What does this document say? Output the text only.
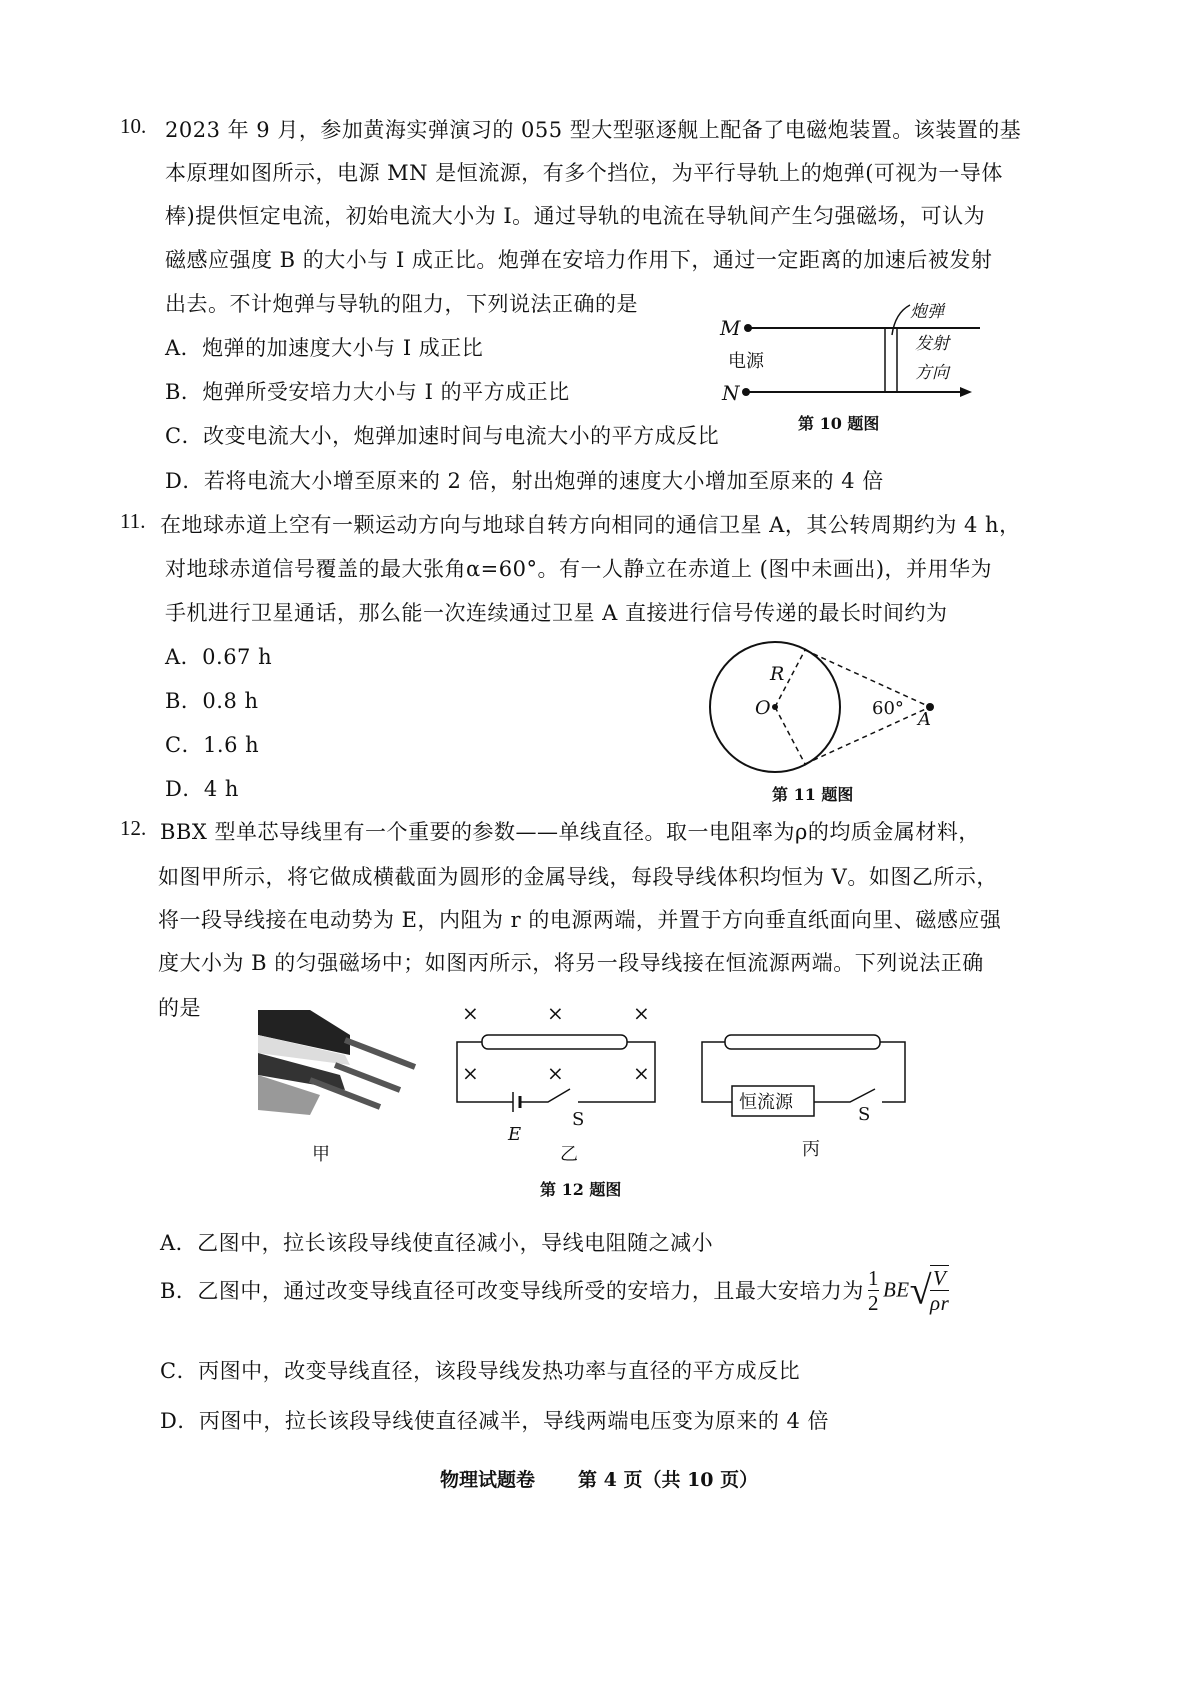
10. 2023 年 9 月，参加黄海实弹演习的 055 型大型驱逐舰上配备了电磁炮装置。该装置的基
本原理如图所示，电源 MN 是恒流源，有多个挡位，为平行导轨上的炮弹(可视为一导体
棒)提供恒定电流，初始电流大小为 I。通过导轨的电流在导轨间产生匀强磁场，可认为
磁感应强度 B 的大小与 I 成正比。炮弹在安培力作用下，通过一定距离的加速后被发射
出去。不计炮弹与导轨的阻力，下列说法正确的是
A．炮弹的加速度大小与 I 成正比
B．炮弹所受安培力大小与 I 的平方成正比
C．改变电流大小，炮弹加速时间与电流大小的平方成反比
D．若将电流大小增至原来的 2 倍，射出炮弹的速度大小增加至原来的 4 倍
M
电源
N
炮弹
发射
方向
第 10 题图
11. 在地球赤道上空有一颗运动方向与地球自转方向相同的通信卫星 A，其公转周期约为 4 h，
对地球赤道信号覆盖的最大张角α=60°。有一人静立在赤道上 (图中未画出)，并用华为
手机进行卫星通话，那么能一次连续通过卫星 A 直接进行信号传递的最长时间约为
A．0.67 h
B．0.8 h
C．1.6 h
D．4 h
R
O	60°
A
第 11 题图
12. BBX 型单芯导线里有一个重要的参数——单线直径。取一电阻率为ρ的均质金属材料，
如图甲所示，将它做成横截面为圆形的金属导线，每段导线体积均恒为 V。如图乙所示，
将一段导线接在电动势为 E，内阻为 r 的电源两端，并置于方向垂直纸面向里、磁感应强
度大小为 B 的匀强磁场中；如图丙所示，将另一段导线接在恒流源两端。下列说法正确
的是
甲
×	×	×
×	×	×
E
S
乙
恒流源
S
丙
第 12 题图
A．乙图中，拉长该段导线使直径减小，导线电阻随之减小
B．乙图中，通过改变导线直径可改变导线所受的安培力，且最大安培力为 $\frac{1}{2} BE√$
$\frac{V}{\rho r}$
C．丙图中，改变导线直径，该段导线发热功率与直径的平方成反比
D．丙图中，拉长该段导线使直径减半，导线两端电压变为原来的 4 倍
物理试题卷 第 4 页（共 10 页）
